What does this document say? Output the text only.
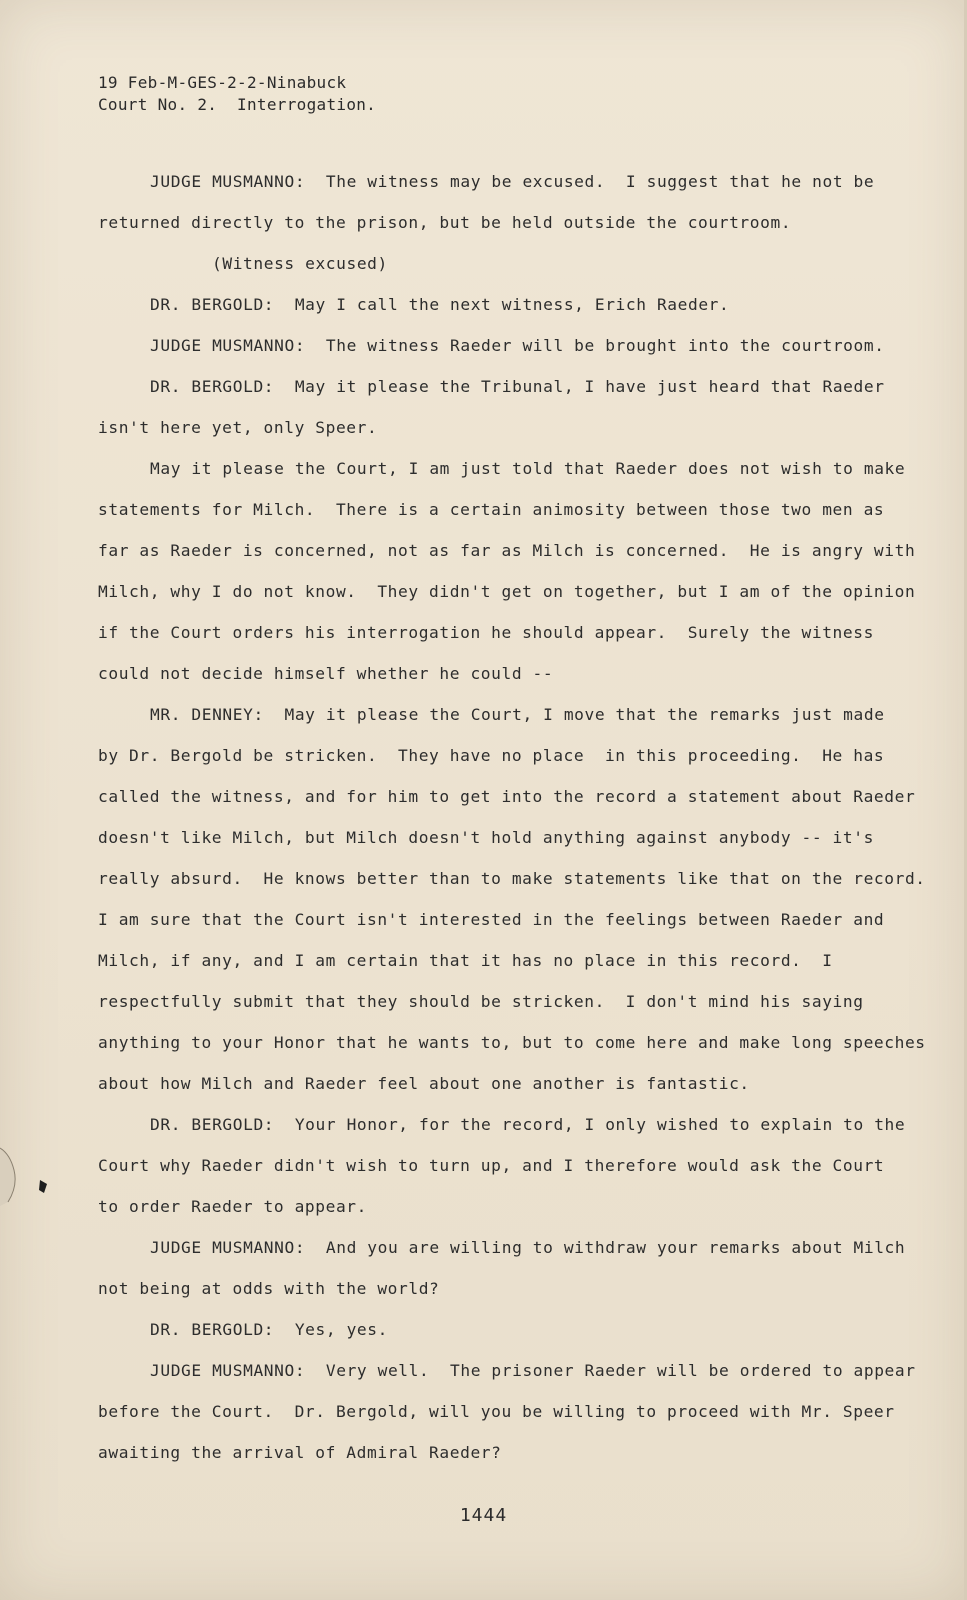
19 Feb-M-GES-2-2-Ninabuck
Court No. 2.  Interrogation.
JUDGE MUSMANNO:  The witness may be excused.  I suggest that he not be
returned directly to the prison, but be held outside the courtroom.
(Witness excused)
DR. BERGOLD:  May I call the next witness, Erich Raeder.
JUDGE MUSMANNO:  The witness Raeder will be brought into the courtroom.
DR. BERGOLD:  May it please the Tribunal, I have just heard that Raeder
isn't here yet, only Speer.
May it please the Court, I am just told that Raeder does not wish to make
statements for Milch.  There is a certain animosity between those two men as
far as Raeder is concerned, not as far as Milch is concerned.  He is angry with
Milch, why I do not know.  They didn't get on together, but I am of the opinion
if the Court orders his interrogation he should appear.  Surely the witness
could not decide himself whether he could --
MR. DENNEY:  May it please the Court, I move that the remarks just made
by Dr. Bergold be stricken.  They have no place  in this proceeding.  He has
called the witness, and for him to get into the record a statement about Raeder
doesn't like Milch, but Milch doesn't hold anything against anybody -- it's
really absurd.  He knows better than to make statements like that on the record.
I am sure that the Court isn't interested in the feelings between Raeder and
Milch, if any, and I am certain that it has no place in this record.  I
respectfully submit that they should be stricken.  I don't mind his saying
anything to your Honor that he wants to, but to come here and make long speeches
about how Milch and Raeder feel about one another is fantastic.
DR. BERGOLD:  Your Honor, for the record, I only wished to explain to the
Court why Raeder didn't wish to turn up, and I therefore would ask the Court
to order Raeder to appear.
JUDGE MUSMANNO:  And you are willing to withdraw your remarks about Milch
not being at odds with the world?
DR. BERGOLD:  Yes, yes.
JUDGE MUSMANNO:  Very well.  The prisoner Raeder will be ordered to appear
before the Court.  Dr. Bergold, will you be willing to proceed with Mr. Speer
awaiting the arrival of Admiral Raeder?
1444
